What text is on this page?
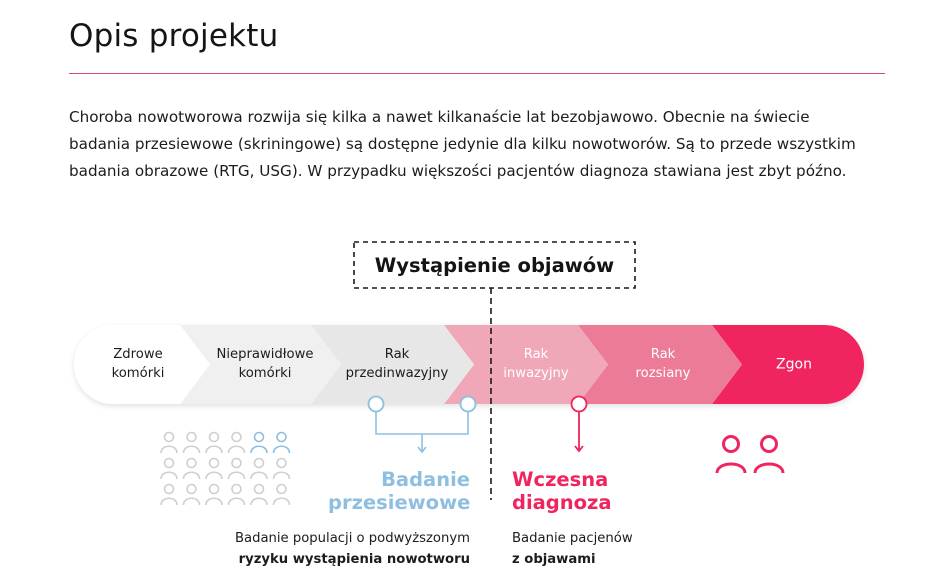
Opis projektu

Choroba nowotworowa rozwija się kilka a nawet kilkanaście lat bezobjawowo. Obecnie na świecie badania przesiewowe (skriningowe) są dostępne jedynie dla kilku nowotworów. Są to przede wszystkim badania obrazowe (RTG, USG). W przypadku większości pacjentów diagnoza stawiana jest zbyt późno.

Zdrowe
komórki
Nieprawidłowe
komórki
Rak
przedinwazyjny
Rak
inwazyjny
Rak
rozsiany
Zgon
Wystąpienie objawów
Badanie
przesiewowe
Wczesna
diagnoza
Badanie populacji o podwyższonym
ryzyku wystąpienia nowotworu
Badanie pacjenów
z objawami
